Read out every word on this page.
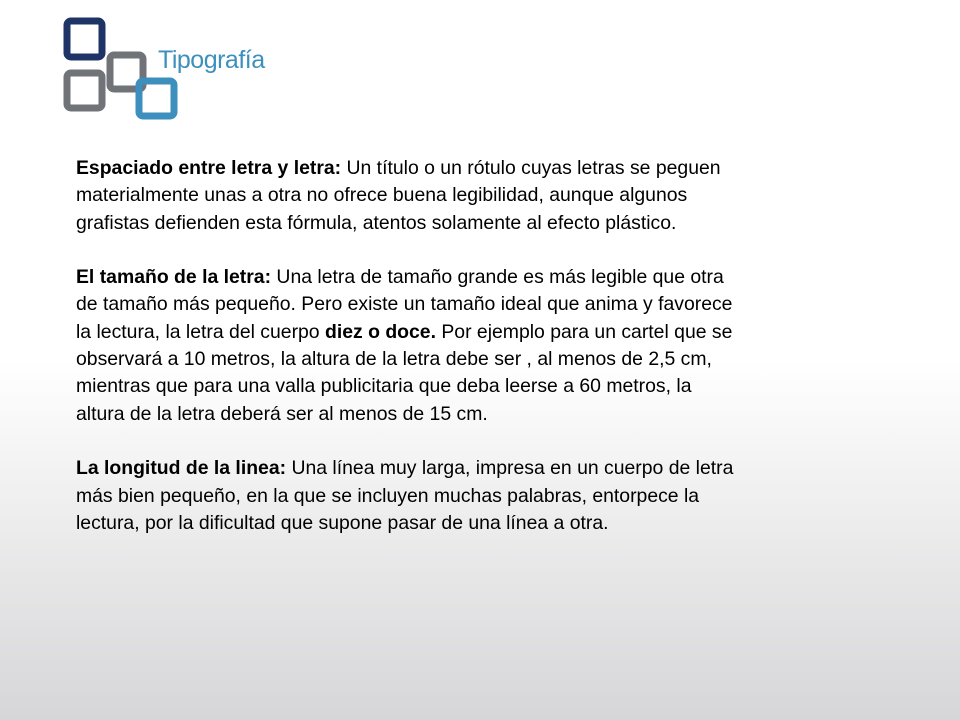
Tipografía
Espaciado entre letra y letra: Un título o un rótulo cuyas letras se peguen
materialmente unas a otra no ofrece buena legibilidad, aunque algunos
grafistas defienden esta fórmula, atentos solamente al efecto plástico.
El tamaño de la letra: Una letra de tamaño grande es más legible que otra
de tamaño más pequeño. Pero existe un tamaño ideal que anima y favorece
la lectura, la letra del cuerpo diez o doce. Por ejemplo para un cartel que se
observará a 10 metros, la altura de la letra debe ser , al menos de 2,5 cm,
mientras que para una valla publicitaria que deba leerse a 60 metros, la
altura de la letra deberá ser al menos de 15 cm.
La longitud de la linea: Una línea muy larga, impresa en un cuerpo de letra
más bien pequeño, en la que se incluyen muchas palabras, entorpece la
lectura, por la dificultad que supone pasar de una línea a otra.
